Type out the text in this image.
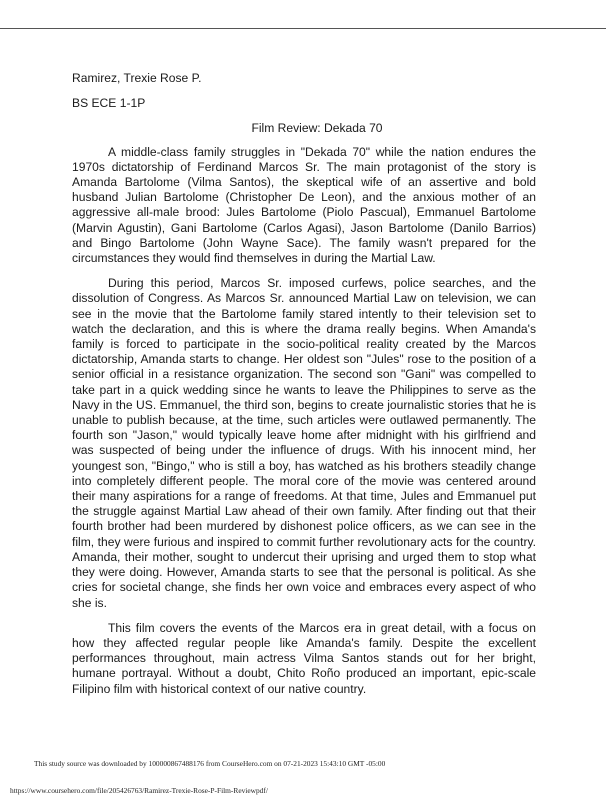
Ramirez, Trexie Rose P.

BS ECE 1-1P

Film Review: Dekada 70

A middle-class family struggles in "Dekada 70" while the nation endures the 1970s dictatorship of Ferdinand Marcos Sr. The main protagonist of the story is Amanda Bartolome (Vilma Santos), the skeptical wife of an assertive and bold husband Julian Bartolome (Christopher De Leon), and the anxious mother of an aggressive all-male brood: Jules Bartolome (Piolo Pascual), Emmanuel Bartolome (Marvin Agustin), Gani Bartolome (Carlos Agasi), Jason Bartolome (Danilo Barrios) and Bingo Bartolome (John Wayne Sace). The family wasn't prepared for the circumstances they would find themselves in during the Martial Law.

During this period, Marcos Sr. imposed curfews, police searches, and the dissolution of Congress. As Marcos Sr. announced Martial Law on television, we can see in the movie that the Bartolome family stared intently to their television set to watch the declaration, and this is where the drama really begins. When Amanda's family is forced to participate in the socio-political reality created by the Marcos dictatorship, Amanda starts to change. Her oldest son "Jules" rose to the position of a senior official in a resistance organization. The second son "Gani" was compelled to take part in a quick wedding since he wants to leave the Philippines to serve as the Navy in the US. Emmanuel, the third son, begins to create journalistic stories that he is unable to publish because, at the time, such articles were outlawed permanently. The fourth son "Jason," would typically leave home after midnight with his girlfriend and was suspected of being under the influence of drugs. With his innocent mind, her youngest son, "Bingo," who is still a boy, has watched as his brothers steadily change into completely different people. The moral core of the movie was centered around their many aspirations for a range of freedoms. At that time, Jules and Emmanuel put the struggle against Martial Law ahead of their own family. After finding out that their fourth brother had been murdered by dishonest police officers, as we can see in the film, they were furious and inspired to commit further revolutionary acts for the country. Amanda, their mother, sought to undercut their uprising and urged them to stop what they were doing. However, Amanda starts to see that the personal is political. As she cries for societal change, she finds her own voice and embraces every aspect of who she is.

This film covers the events of the Marcos era in great detail, with a focus on how they affected regular people like Amanda's family. Despite the excellent performances throughout, main actress Vilma Santos stands out for her bright, humane portrayal. Without a doubt, Chito Roño produced an important, epic-scale Filipino film with historical context of our native country.

This study source was downloaded by 100000867488176 from CourseHero.com on 07-21-2023 15:43:10 GMT -05:00
https://www.coursehero.com/file/205426763/Ramirez-Trexie-Rose-P-Film-Reviewpdf/
